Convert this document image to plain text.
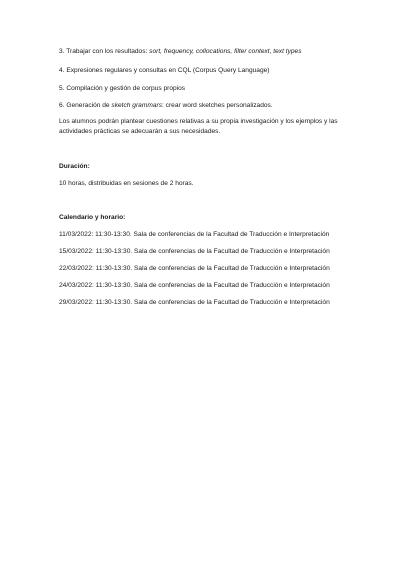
3. Trabajar con los resultados: sort, frequency, collocations, filter context, text types
4. Expresiones regulares y consultas en CQL (Corpus Query Language)
5. Compilación y gestión de corpus propios
6. Generación de sketch grammars: crear word sketches personalizados.
Los alumnos podrán plantear cuestiones relativas a su propia investigación y los ejemplos y las actividades prácticas se adecuarán a sus necesidades.
Duración:
10 horas, distribuidas en sesiones de 2 horas.
Calendario y horario:
11/03/2022: 11:30-13:30. Sala de conferencias de la Facultad de Traducción e Interpretación
15/03/2022: 11:30-13:30. Sala de conferencias de la Facultad de Traducción e Interpretación
22/03/2022: 11:30-13:30. Sala de conferencias de la Facultad de Traducción e Interpretación
24/03/2022: 11:30-13:30. Sala de conferencias de la Facultad de Traducción e Interpretación
29/03/2022: 11:30-13:30. Sala de conferencias de la Facultad de Traducción e Interpretación
